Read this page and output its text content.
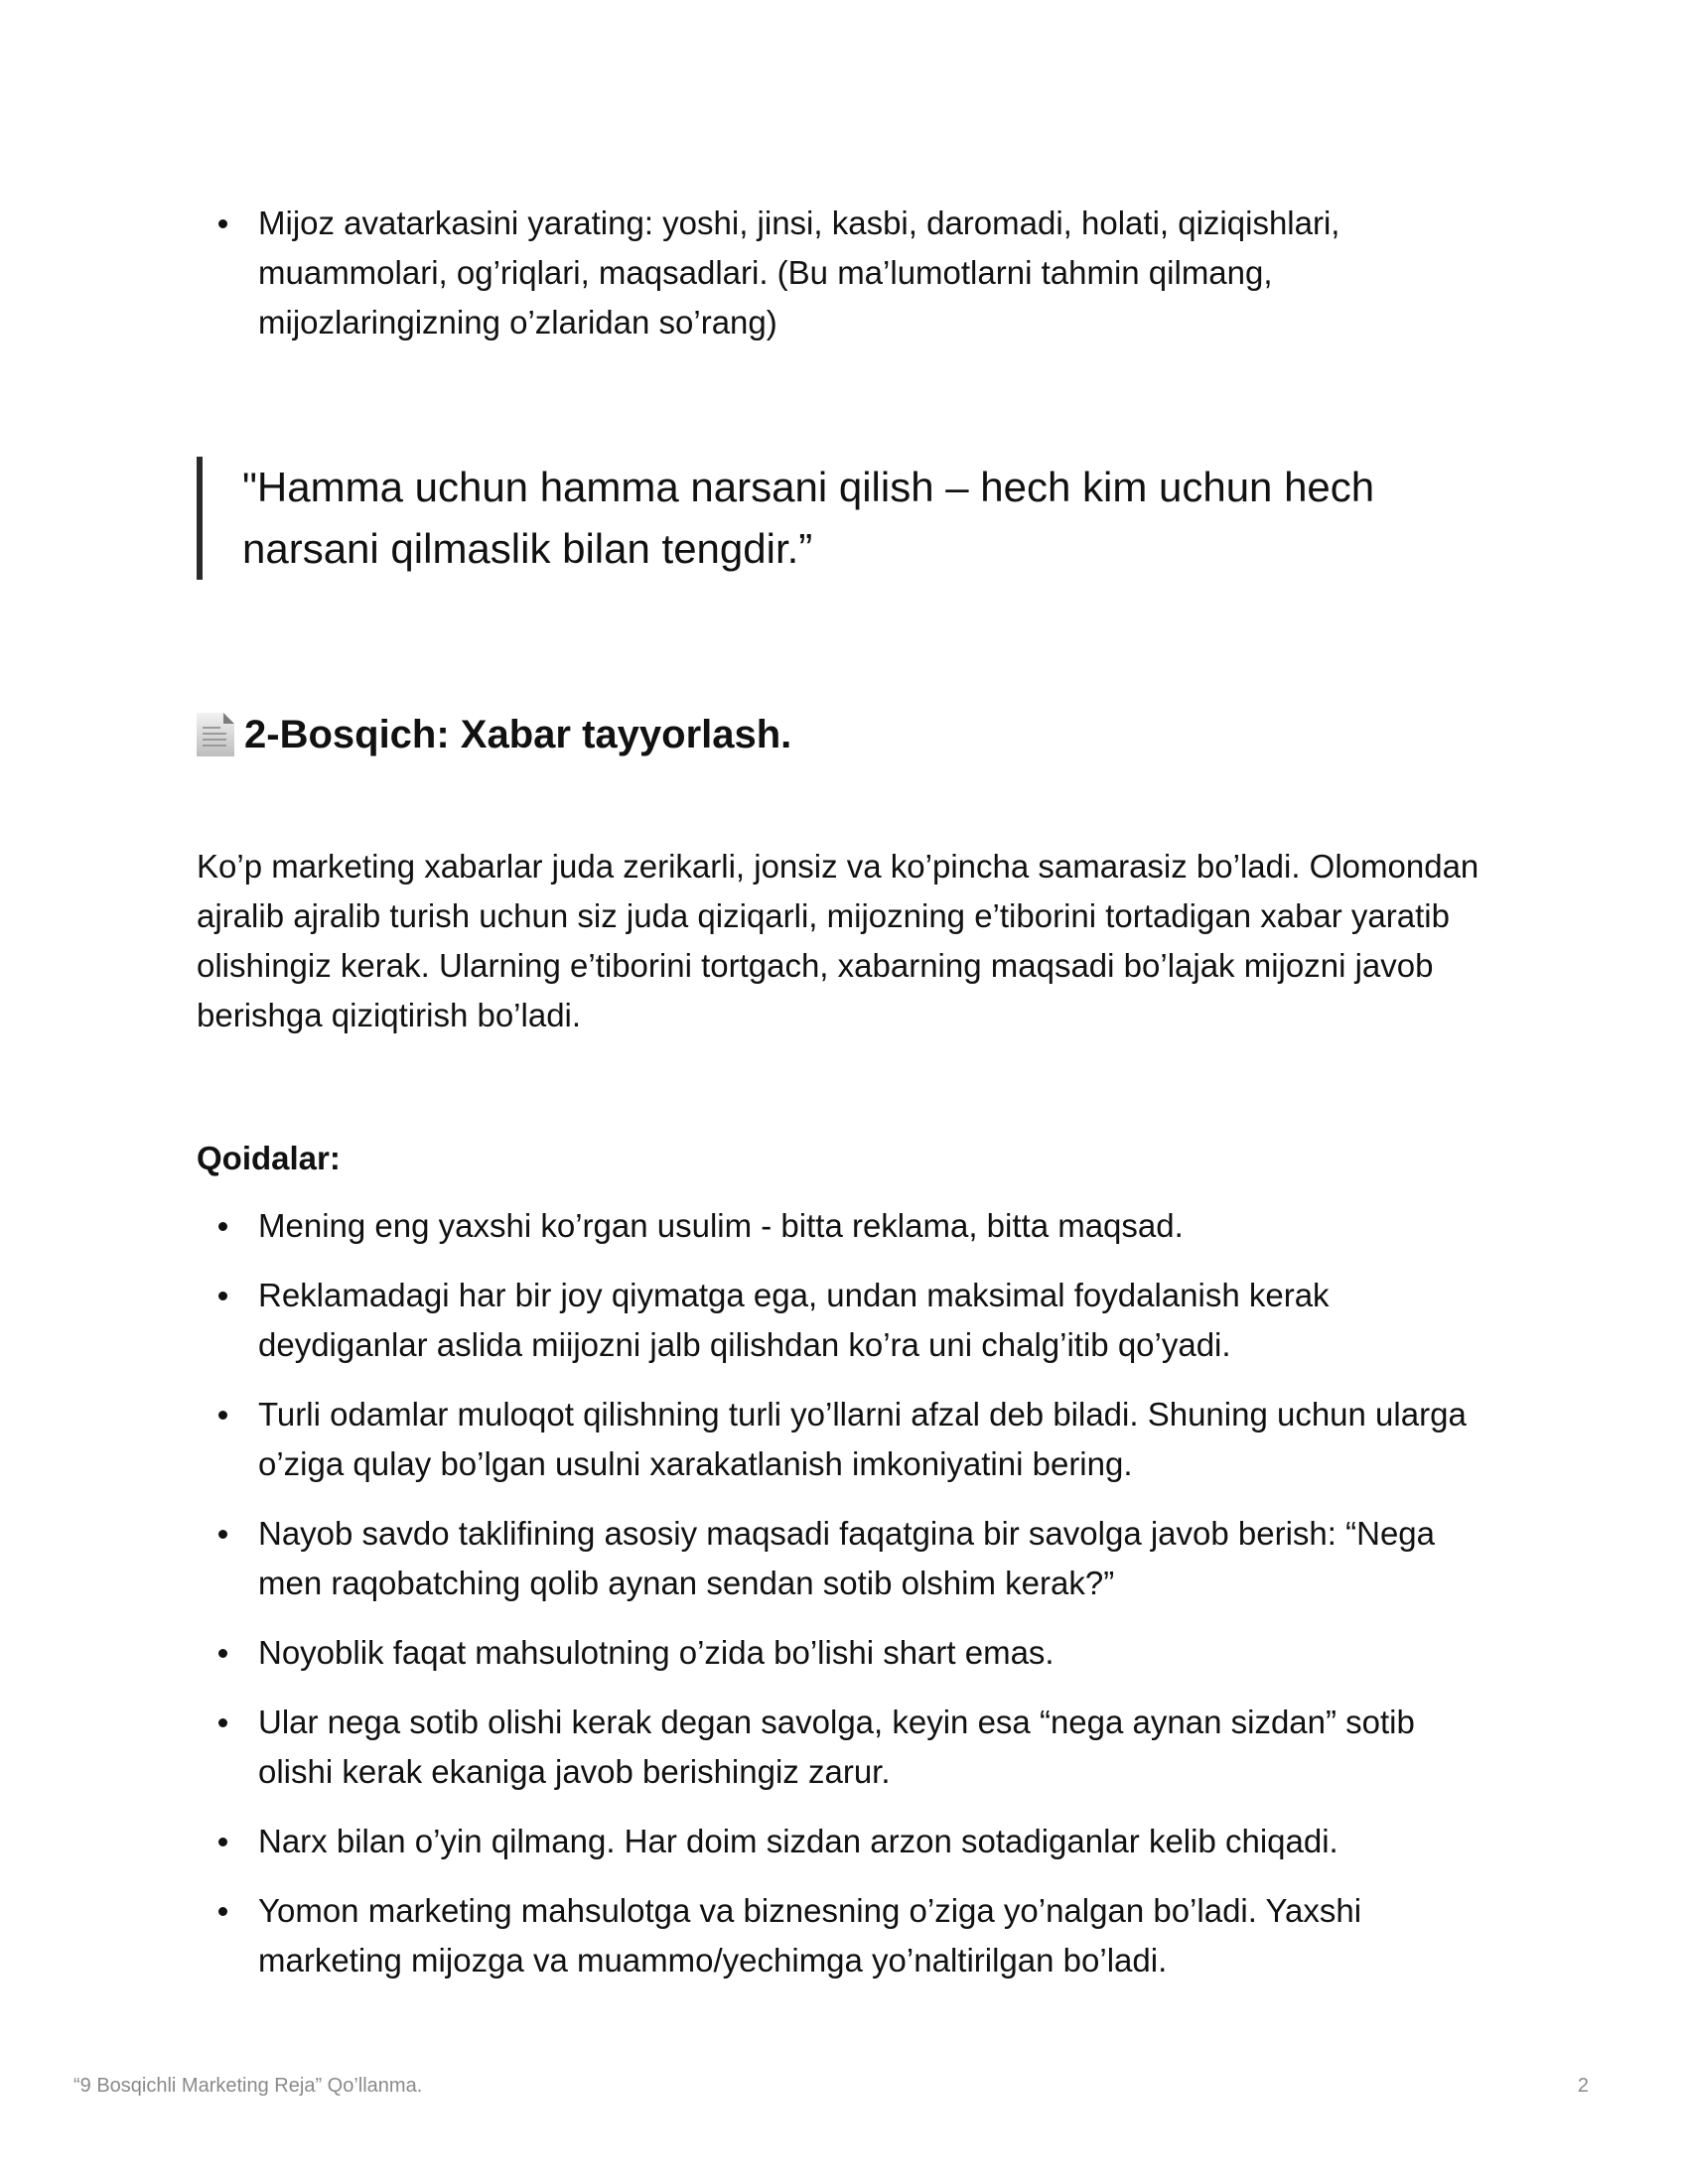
Mijoz avatarkasini yarating: yoshi, jinsi, kasbi, daromadi, holati, qiziqishlari, muammolari, og’riqlari, maqsadlari. (Bu ma’lumotlarni tahmin qilmang, mijozlaringizning o’zlaridan so’rang)
"Hamma uchun hamma narsani qilish – hech kim uchun hech narsani qilmaslik bilan tengdir.”
2-Bosqich: Xabar tayyorlash.
Ko’p marketing xabarlar juda zerikarli, jonsiz va ko’pincha samarasiz bo’ladi. Olomondan ajralib ajralib turish uchun siz juda qiziqarli, mijozning e’tiborini tortadigan xabar yaratib olishingiz kerak. Ularning e’tiborini tortgach, xabarning maqsadi bo’lajak mijozni javob berishga qiziqtirish bo’ladi.
Qoidalar:
Mening eng yaxshi ko’rgan usulim - bitta reklama, bitta maqsad.
Reklamadagi har bir joy qiymatga ega, undan maksimal foydalanish kerak deydiganlar aslida miijozni jalb qilishdan ko’ra uni chalg’itib qo’yadi.
Turli odamlar muloqot qilishning turli yo’llarni afzal deb biladi. Shuning uchun ularga o’ziga qulay bo’lgan usulni xarakatlanish imkoniyatini bering.
Nayob savdo taklifining asosiy maqsadi faqatgina bir savolga javob berish: “Nega men raqobatching qolib aynan sendan sotib olshim kerak?”
Noyoblik faqat mahsulotning o’zida bo’lishi shart emas.
Ular nega sotib olishi kerak degan savolga, keyin esa “nega aynan sizdan” sotib olishi kerak ekaniga javob berishingiz zarur.
Narx bilan o’yin qilmang. Har doim sizdan arzon sotadiganlar kelib chiqadi.
Yomon marketing mahsulotga va biznesning o’ziga yo’nalgan bo’ladi. Yaxshi marketing mijozga va muammo/yechimga yo’naltirilgan bo’ladi.
“9 Bosqichli Marketing Reja” Qo’llanma.	2
